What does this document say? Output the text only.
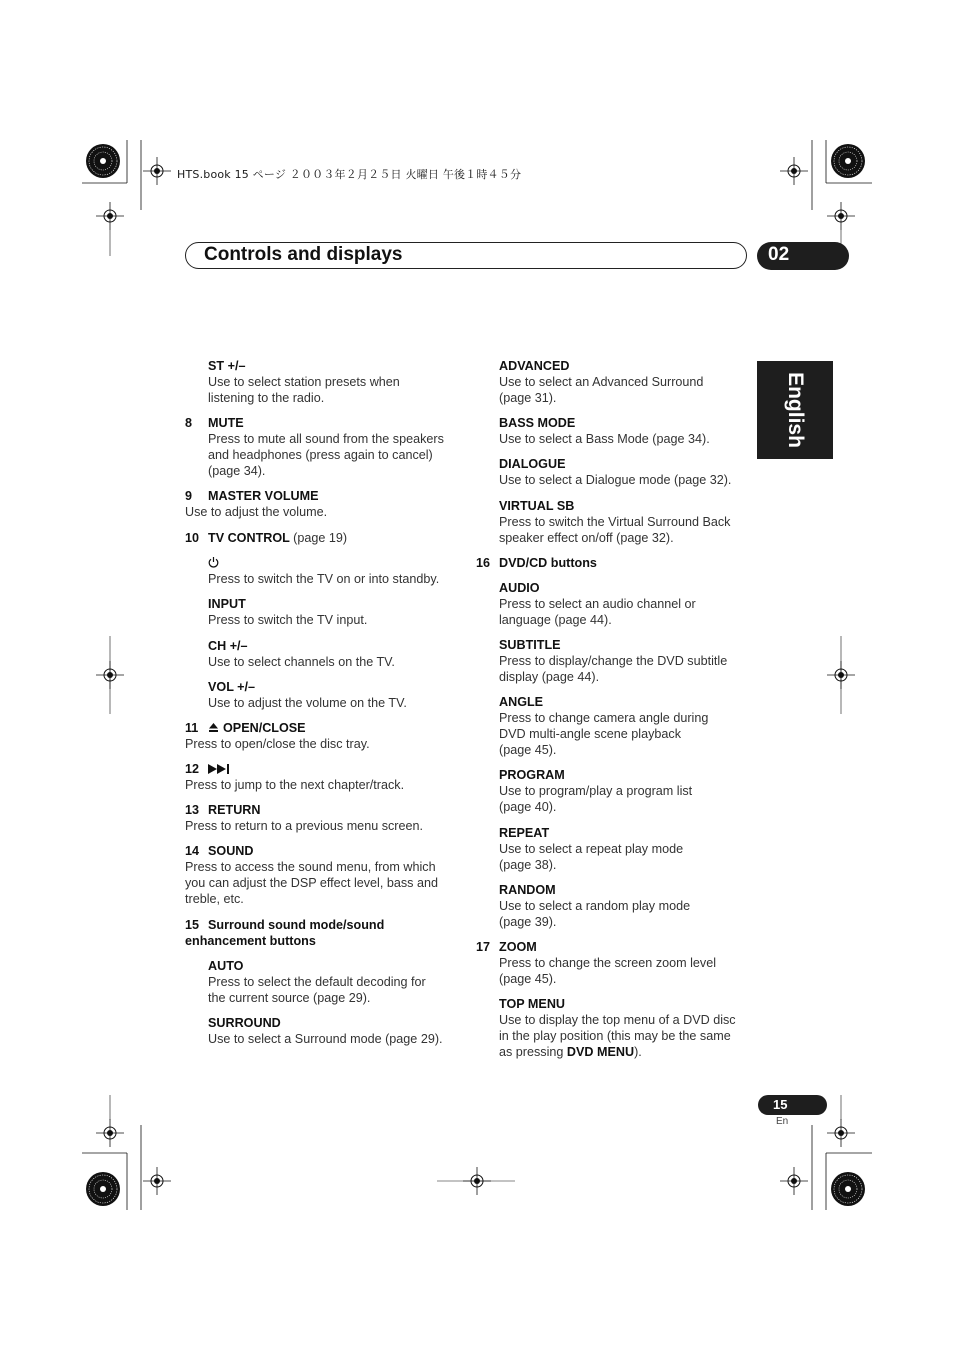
HTS.book 15 ページ ２００３年２月２５日 火曜日 午後１時４５分
Controls and displays	02
English
ST +/–
Use to select station presets when
listening to the radio.
8 MUTE
Press to mute all sound from the speakers
and headphones (press again to cancel)
(page 34).
9 MASTER VOLUME
Use to adjust the volume.
10 TV CONTROL (page 19)
Press to switch the TV on or into standby.
INPUT
Press to switch the TV input.
CH +/–
Use to select channels on the TV.
VOL +/–
Use to adjust the volume on the TV.
11 OPEN/CLOSE
Press to open/close the disc tray.
12
Press to jump to the next chapter/track.
13 RETURN
Press to return to a previous menu screen.
14 SOUND
Press to access the sound menu, from which
you can adjust the DSP effect level, bass and
treble, etc.
15 Surround sound mode/sound
enhancement buttons
AUTO
Press to select the default decoding for
the current source (page 29).
SURROUND
Use to select a Surround mode (page 29).
ADVANCED
Use to select an Advanced Surround
(page 31).
BASS MODE
Use to select a Bass Mode (page 34).
DIALOGUE
Use to select a Dialogue mode (page 32).
VIRTUAL SB
Press to switch the Virtual Surround Back
speaker effect on/off (page 32).
16 DVD/CD buttons
AUDIO
Press to select an audio channel or
language (page 44).
SUBTITLE
Press to display/change the DVD subtitle
display (page 44).
ANGLE
Press to change camera angle during
DVD multi-angle scene playback
(page 45).
PROGRAM
Use to program/play a program list
(page 40).
REPEAT
Use to select a repeat play mode
(page 38).
RANDOM
Use to select a random play mode
(page 39).
17 ZOOM
Press to change the screen zoom level
(page 45).
TOP MENU
Use to display the top menu of a DVD disc
in the play position (this may be the same
as pressing DVD MENU).
15
En
